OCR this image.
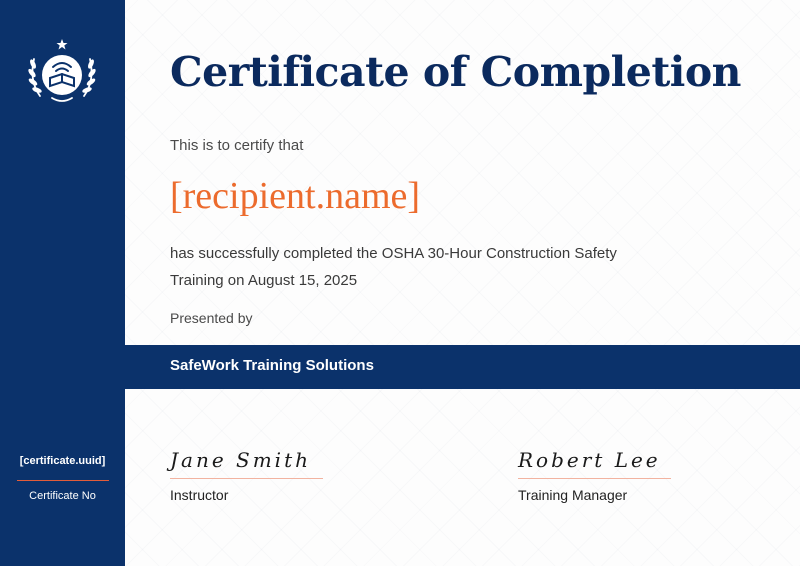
[certificate.uuid]
Certificate No
Certificate of Completion
This is to certify that
[recipient.name]
has successfully completed the OSHA 30-Hour Construction Safety Training on August 15, 2025
Presented by
SafeWork Training Solutions
Jane Smith
Instructor
Robert Lee
Training Manager
